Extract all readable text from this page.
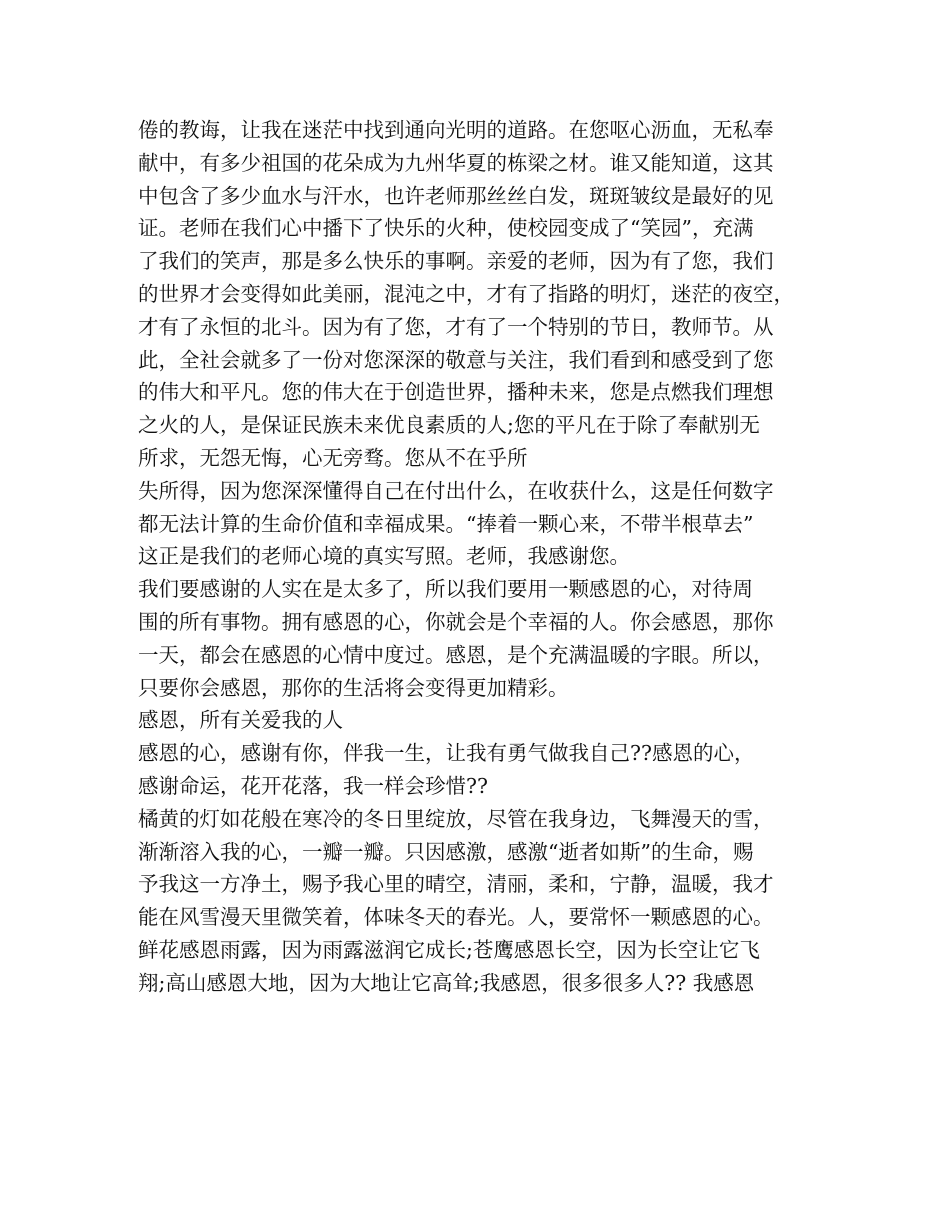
倦的教诲，让我在迷茫中找到通向光明的道路。在您呕心沥血，无私奉
献中，有多少祖国的花朵成为九州华夏的栋梁之材。谁又能知道，这其
中包含了多少血水与汗水，也许老师那丝丝白发，斑斑皱纹是最好的见
证。老师在我们心中播下了快乐的火种，使校园变成了“笑园”，充满
了我们的笑声，那是多么快乐的事啊。亲爱的老师，因为有了您，我们
的世界才会变得如此美丽，混沌之中，才有了指路的明灯，迷茫的夜空，
才有了永恒的北斗。因为有了您，才有了一个特别的节日，教师节。从
此，全社会就多了一份对您深深的敬意与关注，我们看到和感受到了您
的伟大和平凡。您的伟大在于创造世界，播种未来，您是点燃我们理想
之火的人，是保证民族未来优良素质的人;您的平凡在于除了奉献别无
所求，无怨无悔，心无旁骛。您从不在乎所
失所得，因为您深深懂得自己在付出什么，在收获什么，这是任何数字
都无法计算的生命价值和幸福成果。“捧着一颗心来，不带半根草去”
这正是我们的老师心境的真实写照。老师，我感谢您。
我们要感谢的人实在是太多了，所以我们要用一颗感恩的心，对待周
围的所有事物。拥有感恩的心，你就会是个幸福的人。你会感恩，那你
一天，都会在感恩的心情中度过。感恩，是个充满温暖的字眼。所以，
只要你会感恩，那你的生活将会变得更加精彩。
感恩，所有关爱我的人
感恩的心，感谢有你，伴我一生，让我有勇气做我自己??感恩的心，
感谢命运，花开花落，我一样会珍惜??
橘黄的灯如花般在寒冷的冬日里绽放，尽管在我身边，飞舞漫天的雪，
渐渐溶入我的心，一瓣一瓣。只因感激，感激“逝者如斯”的生命，赐
予我这一方净土，赐予我心里的晴空，清丽，柔和，宁静，温暖，我才
能在风雪漫天里微笑着，体味冬天的春光。人，要常怀一颗感恩的心。
鲜花感恩雨露，因为雨露滋润它成长;苍鹰感恩长空，因为长空让它飞
翔;高山感恩大地，因为大地让它高耸;我感恩，很多很多人?? 我感恩
